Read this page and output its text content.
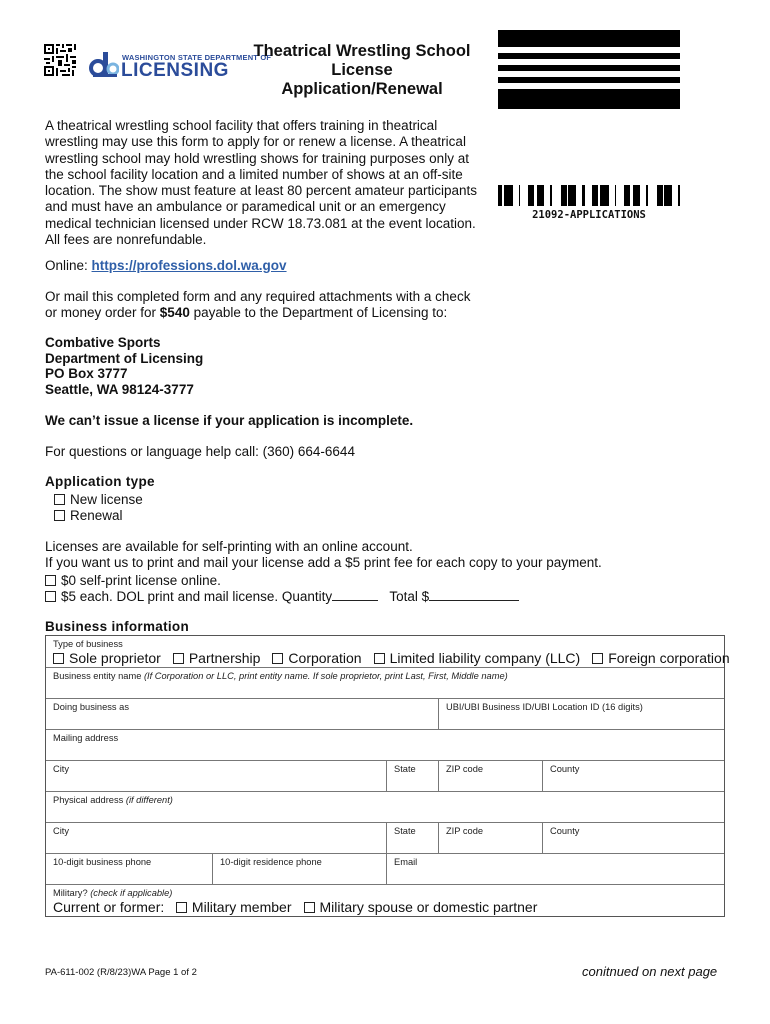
WASHINGTON STATE DEPARTMENT OF
LICENSING
Theatrical Wrestling School
License
Application/Renewal
21092-APPLICATIONS
A theatrical wrestling school facility that offers training in theatrical wrestling may use this form to apply for or renew a license. A theatrical wrestling school may hold wrestling shows for training purposes only at the school facility location and a limited number of shows at an off-site location. The show must feature at least 80 percent amateur participants and must have an ambulance or paramedical unit or an emergency medical technician licensed under RCW 18.73.081 at the event location. All fees are nonrefundable.
Online: https://professions.dol.wa.gov
Or mail this completed form and any required attachments with a check
or money order for $540 payable to the Department of Licensing to:
Combative Sports
Department of Licensing
PO Box 3777
Seattle, WA 98124-3777
We can’t issue a license if your application is incomplete.
For questions or language help call: (360) 664-6644
Application type
New license
Renewal
Licenses are available for self-printing with an online account.
If you want us to print and mail your license add a $5 print fee for each copy to your payment.
$0 self-print license online.
$5 each. DOL print and mail license. Quantity	Total $
Business information
Type of business
Sole proprietor Partnership Corporation Limited liability company (LLC) Foreign corporation
Business entity name (If Corporation or LLC, print entity name. If sole proprietor, print Last, First, Middle name)
Doing business as	UBI/UBI Business ID/UBI Location ID (16 digits)
Mailing address
City	State	ZIP code	County
Physical address (if different)
City	State	ZIP code	County
10-digit business phone	10-digit residence phone	Email
Military? (check if applicable)
Current or former: Military member Military spouse or domestic partner
PA-611-002 (R/8/23)WA Page 1 of 2	conitnued on next page
